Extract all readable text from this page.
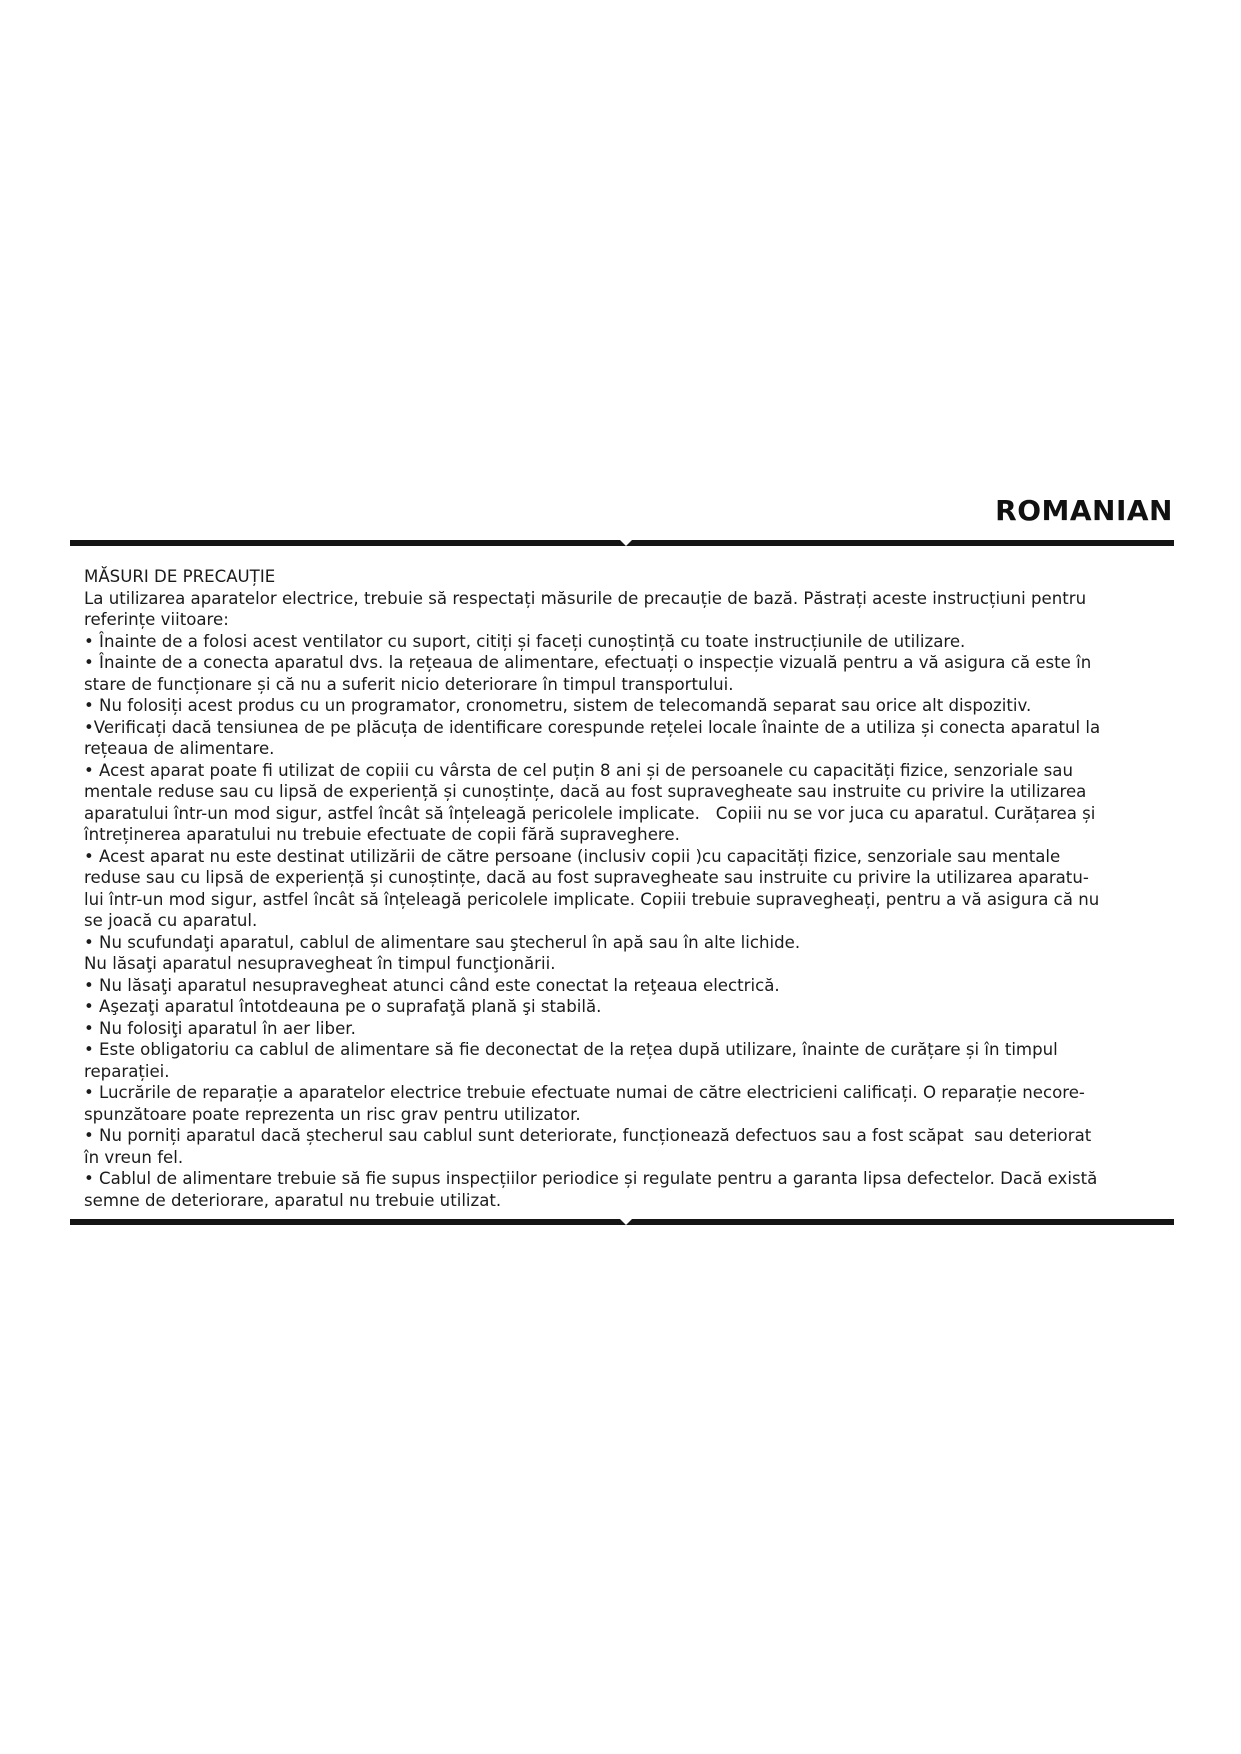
ROMANIAN

MĂSURI DE PRECAUȚIE

La utilizarea aparatelor electrice, trebuie să respectați măsurile de precauție de bază. Păstrați aceste instrucțiuni pentru

referințe viitoare:

• Înainte de a folosi acest ventilator cu suport, citiți și faceți cunoștință cu toate instrucțiunile de utilizare.

• Înainte de a conecta aparatul dvs. la rețeaua de alimentare, efectuați o inspecție vizuală pentru a vă asigura că este în

stare de funcționare și că nu a suferit nicio deteriorare în timpul transportului.

• Nu folosiți acest produs cu un programator, cronometru, sistem de telecomandă separat sau orice alt dispozitiv.

•Verificați dacă tensiunea de pe plăcuța de identificare corespunde rețelei locale înainte de a utiliza și conecta aparatul la

rețeaua de alimentare.

• Acest aparat poate fi utilizat de copiii cu vârsta de cel puțin 8 ani și de persoanele cu capacități fizice, senzoriale sau

mentale reduse sau cu lipsă de experiență și cunoștințe, dacă au fost supravegheate sau instruite cu privire la utilizarea

aparatului într-un mod sigur, astfel încât să înțeleagă pericolele implicate.   Copiii nu se vor juca cu aparatul. Curățarea și

întreținerea aparatului nu trebuie efectuate de copii fără supraveghere.

• Acest aparat nu este destinat utilizării de către persoane (inclusiv copii )cu capacități fizice, senzoriale sau mentale

reduse sau cu lipsă de experiență și cunoștințe, dacă au fost supravegheate sau instruite cu privire la utilizarea aparatu-

lui într-un mod sigur, astfel încât să înțeleagă pericolele implicate. Copiii trebuie supravegheați, pentru a vă asigura că nu

se joacă cu aparatul.

• Nu scufundaţi aparatul, cablul de alimentare sau ştecherul în apă sau în alte lichide.

Nu lăsaţi aparatul nesupravegheat în timpul funcţionării.

• Nu lăsaţi aparatul nesupravegheat atunci când este conectat la reţeaua electrică.

• Aşezaţi aparatul întotdeauna pe o suprafaţă plană şi stabilă.

• Nu folosiţi aparatul în aer liber.

• Este obligatoriu ca cablul de alimentare să fie deconectat de la rețea după utilizare, înainte de curățare și în timpul

reparației.

• Lucrările de reparație a aparatelor electrice trebuie efectuate numai de către electricieni calificați. O reparație necore-

spunzătoare poate reprezenta un risc grav pentru utilizator.

• Nu porniți aparatul dacă ștecherul sau cablul sunt deteriorate, funcționează defectuos sau a fost scăpat  sau deteriorat

în vreun fel.

• Cablul de alimentare trebuie să fie supus inspecțiilor periodice și regulate pentru a garanta lipsa defectelor. Dacă există

semne de deteriorare, aparatul nu trebuie utilizat.
